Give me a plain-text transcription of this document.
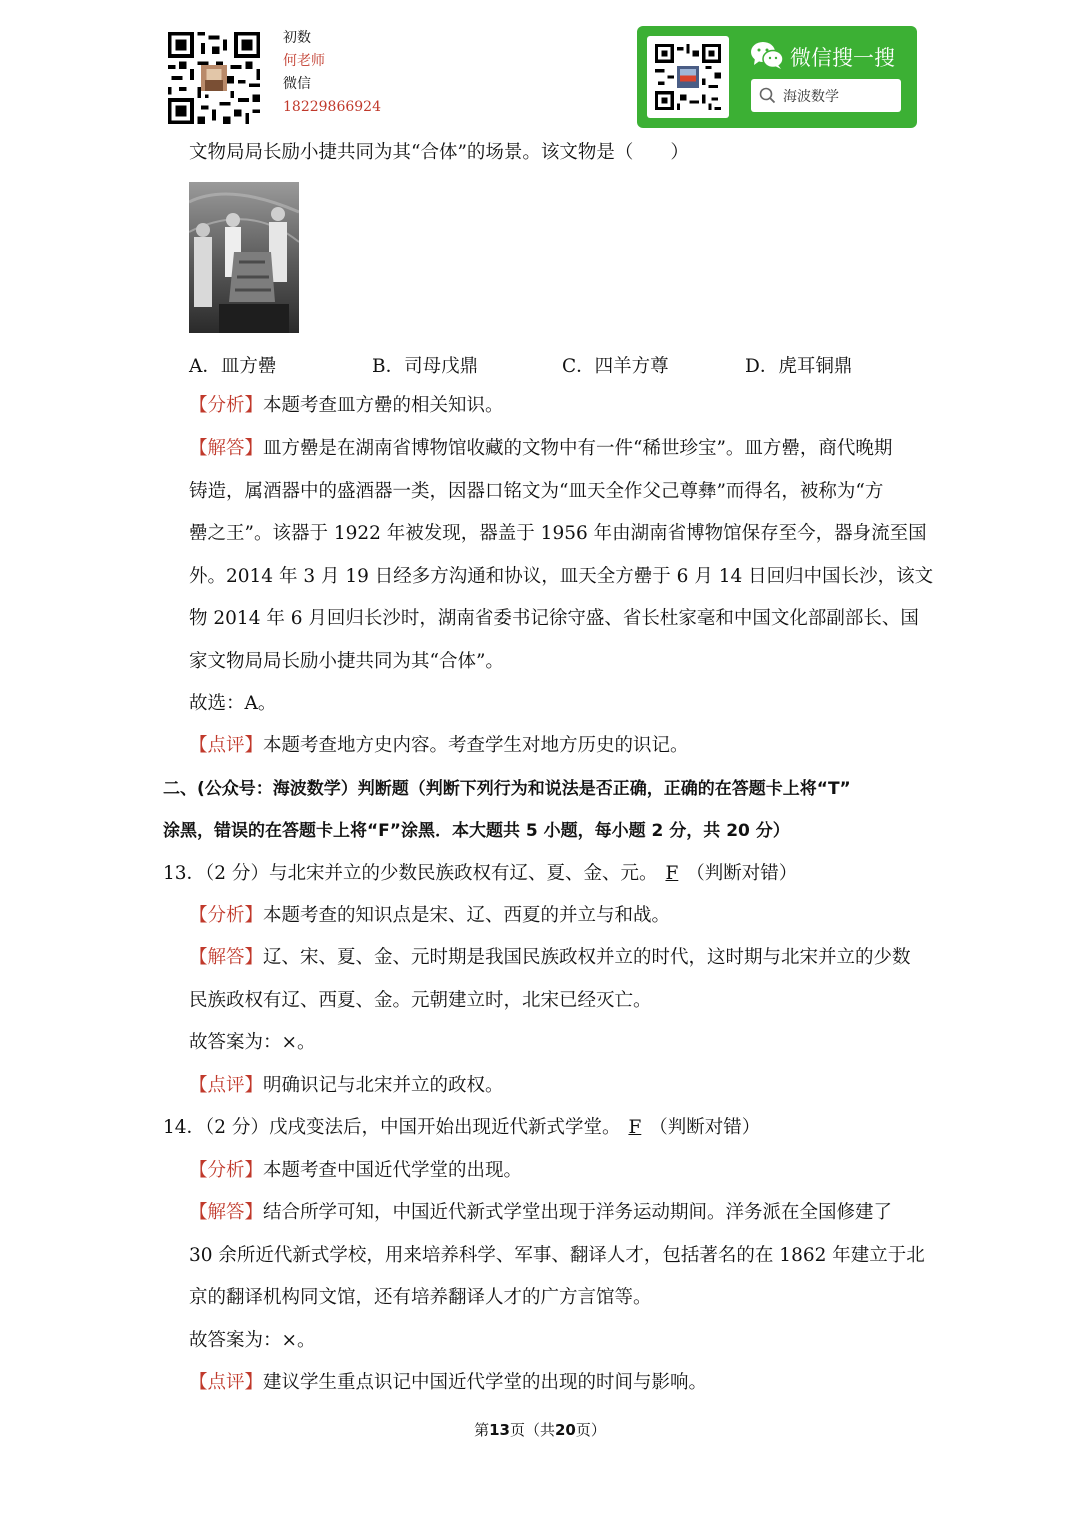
初数
何老师
微信
18229866924
微信搜一搜
海波数学
文物局局长励小捷共同为其“合体”的场景。该文物是（　　）
A．皿方罍	B．司母戊鼎	C．四羊方尊	D．虎耳铜鼎
【分析】本题考查皿方罍的相关知识。
【解答】皿方罍是在湖南省博物馆收藏的文物中有一件“稀世珍宝”。皿方罍，商代晚期
铸造，属酒器中的盛酒器一类，因器口铭文为“皿天全作父己尊彝”而得名，被称为“方
罍之王”。该器于 1922 年被发现，器盖于 1956 年由湖南省博物馆保存至今，器身流至国
外。2014 年 3 月 19 日经多方沟通和协议，皿天全方罍于 6 月 14 日回归中国长沙，该文
物 2014 年 6 月回归长沙时，湖南省委书记徐守盛、省长杜家毫和中国文化部副部长、国
家文物局局长励小捷共同为其“合体”。
故选：A。
【点评】本题考查地方史内容。考查学生对地方历史的识记。
二、(公众号：海波数学）判断题（判断下列行为和说法是否正确，正确的在答题卡上将“T”
涂黑，错误的在答题卡上将“F”涂黑．本大题共 5 小题，每小题 2 分，共 20 分）
13．（2 分）与北宋并立的少数民族政权有辽、夏、金、元。 F （判断对错）
【分析】本题考查的知识点是宋、辽、西夏的并立与和战。
【解答】辽、宋、夏、金、元时期是我国民族政权并立的时代，这时期与北宋并立的少数
民族政权有辽、西夏、金。元朝建立时，北宋已经灭亡。
故答案为：×。
【点评】明确识记与北宋并立的政权。
14．（2 分）戊戌变法后，中国开始出现近代新式学堂。 F （判断对错）
【分析】本题考查中国近代学堂的出现。
【解答】结合所学可知，中国近代新式学堂出现于洋务运动期间。洋务派在全国修建了
30 余所近代新式学校，用来培养科学、军事、翻译人才，包括著名的在 1862 年建立于北
京的翻译机构同文馆，还有培养翻译人才的广方言馆等。
故答案为：×。
【点评】建议学生重点识记中国近代学堂的出现的时间与影响。
第13页（共20页）
